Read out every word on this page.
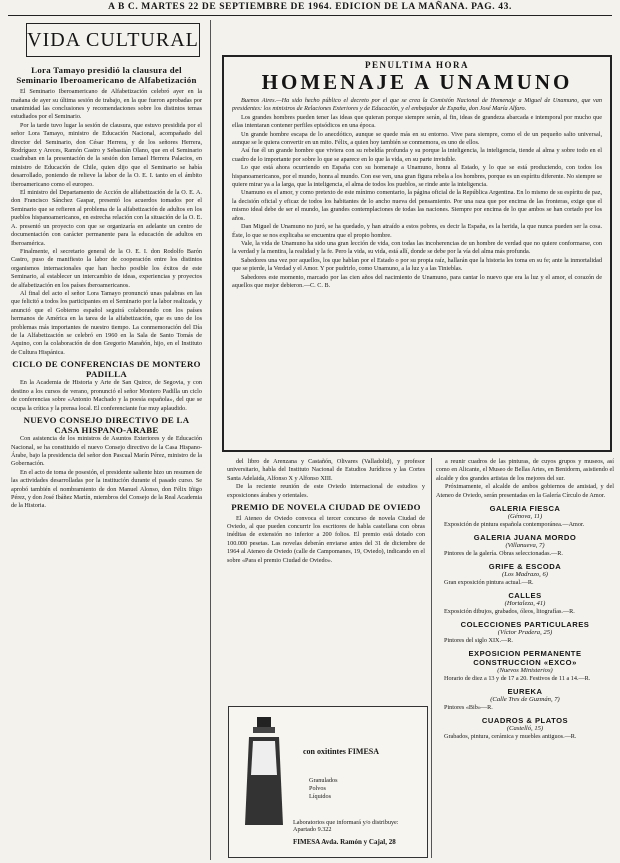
A B C. MARTES 22 DE SEPTIEMBRE DE 1964. EDICION DE LA MAÑANA. PAG. 43.
VIDA CULTURAL

Lora Tamayo presidió la clausura del Seminario Iberoamericano de Alfabetización

El Seminario Iberoamericano de Alfabetización celebró ayer en la mañana de ayer su última sesión de trabajo, en la que fueron aprobadas por unanimidad las conclusiones y recomendaciones sobre los distintos temas estudiados por el Seminario.

Por la tarde tuvo lugar la sesión de clausura, que estuvo presidida por el señor Lora Tamayo, ministro de Educación Nacional, acompañado del director del Seminario, don César Herrera, y de los señores Herrera, Rodríguez y Areces, Ramón Castro y Sebastián Olano, que en el Seminario cuadraban en la presentación de la sesión don Ismael Herrera Palacios, en ministro de Educación de Chile, quien dijo que el Seminario se había desarrollado, poniendo de relieve la labor de la O. E. I. tanto en el ámbito iberoamericano como el europeo.

El ministro del Departamento de Acción de alfabetización de la O. E. A. don Francisco Sánchez Gaspar, presentó los acuerdos tomados por el Seminario que se refieren al problema de la alfabetización de adultos en los pueblos hispanoamericanos, en estrecha relación con la situación de la O. E. A. presentó un proyecto con que se organizaría en adelante un centro de documentación con carácter permanente para la educación de adultos en Iberoamérica.

Finalmente, el secretario general de la O. E. I. don Rodolfo Barón Castro, puso de manifiesto la labor de cooperación entre los distintos organismos internacionales que han hecho posible los éxitos de este Seminario, al establecer un intercambio de ideas, experiencias y proyectos de alfabetización en los países iberoamericanos.

Al final del acto el señor Lora Tamayo pronunció unas palabras en las que felicitó a todos los participantes en el Seminario por la labor realizada, y anunció que el Gobierno español seguirá colaborando con los países hermanos de América en la tarea de la alfabetización, que es uno de los problemas más importantes de nuestro tiempo. La conmemoración del Día de la Alfabetización se celebró en 1960 en la Sala de Santo Tomás de Aquino, con la colaboración de don Gregorio Marañón, hijo, en el Instituto de Cultura Hispánica.

CICLO DE CONFERENCIAS DE MONTERO PADILLA

En la Academia de Historia y Arte de San Quirce, de Segovia, y con destino a los cursos de verano, pronunció el señor Montero Padilla un ciclo de conferencias sobre «Antonio Machado y la poesía española», del que se ocupa la crítica y la prensa local. El conferenciante fue muy aplaudido.

NUEVO CONSEJO DIRECTIVO DE LA CASA HISPANO-ARABE

Con asistencia de los ministros de Asuntos Exteriores y de Educación Nacional, se ha constituido el nuevo Consejo directivo de la Casa Hispano-Árabe, bajo la presidencia del señor don Pascual Marín Pérez, ministro de la Gobernación.

En el acto de toma de posesión, el presidente saliente hizo un resumen de las actividades desarrolladas por la institución durante el pasado curso. Se aprobó también el nombramiento de don Manuel Alonso, don Félix Iñigo Pérez, y don José Ibáñez Martín, miembros del Consejo de la Real Academia de la Historia.

PENULTIMA HORA
HOMENAJE A UNAMUNO

Buenos Aires.—Ha sido hecho público el decreto por el que se crea la Comisión Nacional de Homenaje a Miguel de Unamuno, que van presidentes: los ministros de Relaciones Exteriores y de Educación, y el embajador de España, don José María Alfaro.

Los grandes hombres pueden tener las ideas que quieran porque siempre serán, al fin, ideas de grandeza abarcada e intemporal por mucho que ellas intentaran contener perfiles episódicos en una época.

Un grande hombre escapa de lo anecdótico, aunque se quede más en su entorno. Vive para siempre, como el de un pequeño salto universal, aunque se le quiera convertir en un mito. Félix, a quien hoy también se conmemora, es uno de ellos.

Así fue él un grande hombre que viviera con su rebeldía profunda y su porque la inteligencia, la inteligencia, tiende al alma y sobre todo en el cuadro de lo importante por sobre lo que se aparece en lo que la vida, en su parte invisible.

Lo que está ahora ocurriendo en España con su homenaje a Unamuno, honra al Estado, y lo que se está produciendo, con todos los hispanoamericanos, por el mundo, honra al mundo. Con ese ven, una gran figura rebela a los hombres, porque es un espíritu diferente. No siempre se quiere mirar ya a la larga, que la inteligencia, el alma de todos los pueblos, se rinde ante la inteligencia.

Unamuno es el amor, y como pretexto de este mínimo comentario, la página oficial de la República Argentina. En lo mismo de su espíritu de paz, la decisión oficial y eficaz de todos los habitantes de lo ancho nueva del pensamiento. Por una raza que por encima de las fronteras, exige que el mismo ideal debe de ser el mundo, las grandes contemplaciones de todas las naciones. Siempre por encima de lo que ambos se han cortado por los años.

Dan Miguel de Unamuno no juró, se ha quedado, y han atraído a estos pobres, es decir la España, es la herida, la que nunca pueden ser la cosa. Éste, lo que se nos explicaba se encuentra que el propio hombre.

Vale, la vida de Unamuno ha sido una gran lección de vida, con todas las incoherencias de un hombre de verdad que no quiere conformarse, con la verdad y la mentira, la realidad y la fe. Pero la vida, su vida, está allí, donde se debe por la vía del alma más profunda.

Sabedores una vez por aquellos, los que hablan por el Estado o por su propia raíz, hallarán que la historia les toma en su fe; ante la inmortalidad que se pierde, la Verdad y el Amor. Y por pudrirlo, como Unamuno, a la luz y a las Tinieblas.

Sabedores este momento, marcado por las cien años del nacimiento de Unamuno, para cantar lo nuevo que era la luz y el amor, el corazón de aquellos que mejor debieron.—C. C. B.

del libro de Arenzana y Castañón, Olivares (Valladolid), y profesor universitario, habla del Instituto Nacional de Estudios Jurídicos y las Cortes Santa Adelaida, Alfonso X y Alfonso XIII.

De la reciente reunión de este Oviedo internacional de estudios y exposiciones árabes y orientales.

PREMIO DE NOVELA CIUDAD DE OVIEDO

El Ateneo de Oviedo convoca el tercer concurso de novela Ciudad de Oviedo, al que pueden concurrir los escritores de habla castellana con obras inéditas de extensión no inferior a 200 folios. El premio está dotado con 100.000 pesetas. Las novelas deberán enviarse antes del 31 de diciembre de 1964 al Ateneo de Oviedo (calle de Campomanes, 19, Oviedo), indicando en el sobre «Para el premio Ciudad de Oviedo».

con oxitintes FIMESA
Granulados
Polvos
Líquidos
Laboratorios que informará y/o distribuye: Apartado 9.322
FIMESA Avda. Ramón y Cajal, 28

a reunir cuadros de las pinturas, de cuyos grupos y museos, así como en Alicante, el Museo de Bellas Artes, en Benidorm, asistiendo el alcalde y dos grandes artistas de los mejores del sur.

Próximamente, el alcalde de ambos gobiernos de amistad, y del Ateneo de Oviedo, serán presentadas en la Galería Círculo de Amor.

GALERIA FIESCA

(Génova, 11)

Exposición de pintura española contemporánea.—Amor.

GALERIA JUANA MORDO

(Villanueva, 7)

Pintores de la galería. Obras seleccionadas.—R.

GRIFE & ESCODA

(Los Madrazo, 6)

Gran exposición pintura actual.—R.

CALLES

(Hortaleza, 41)

Exposición dibujos, grabados, óleos, litografías.—R.

COLECCIONES PARTICULARES

(Víctor Pradera, 25)

Pintores del siglo XIX.—R.

EXPOSICION PERMANENTE CONSTRUCCION «EXCO»

(Nuevos Ministerios)

Horario de diez a 13 y de 17 a 20. Festivos de 11 a 14.—R.

EUREKA

(Calle Tres de Guzmán, 7)

Pintores «Bib»—R.

CUADROS & PLATOS

(Castelló, 15)

Grabados, pintura, cerámica y muebles antiguos.—R.
